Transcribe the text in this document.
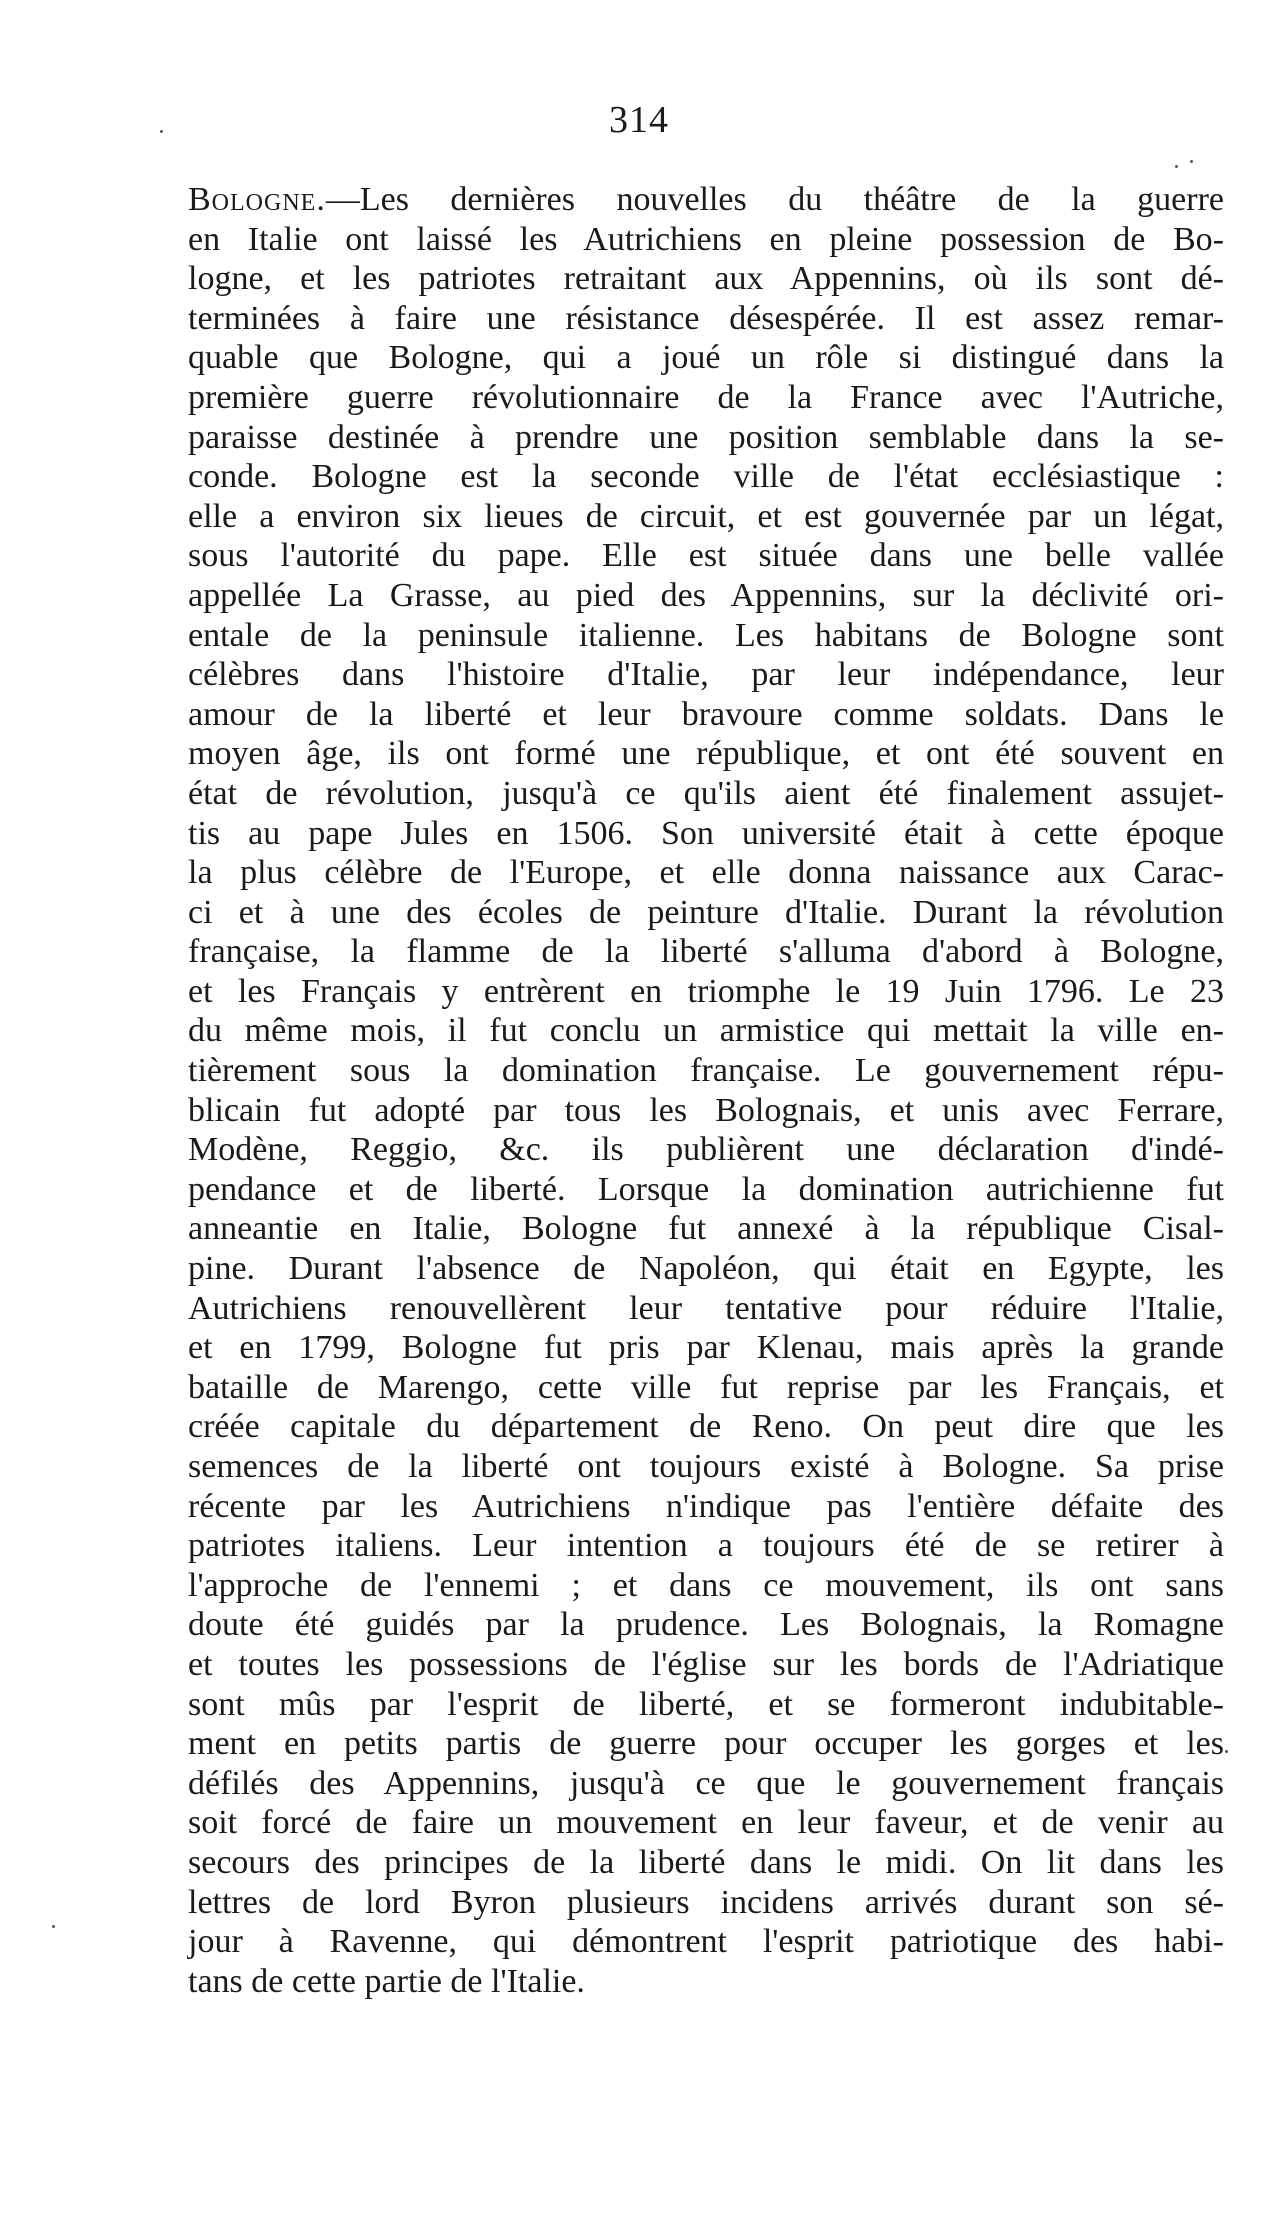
314
Bologne.—Les dernières nouvelles du théâtre de la guerre
en Italie ont laissé les Autrichiens en pleine possession de Bo-
logne, et les patriotes retraitant aux Appennins, où ils sont dé-
terminées à faire une résistance désespérée. Il est assez remar-
quable que Bologne, qui a joué un rôle si distingué dans la
première guerre révolutionnaire de la France avec l'Autriche,
paraisse destinée à prendre une position semblable dans la se-
conde. Bologne est la seconde ville de l'état ecclésiastique :
elle a environ six lieues de circuit, et est gouvernée par un légat,
sous l'autorité du pape. Elle est située dans une belle vallée
appellée La Grasse, au pied des Appennins, sur la déclivité ori-
entale de la peninsule italienne. Les habitans de Bologne sont
célèbres dans l'histoire d'Italie, par leur indépendance, leur
amour de la liberté et leur bravoure comme soldats. Dans le
moyen âge, ils ont formé une république, et ont été souvent en
état de révolution, jusqu'à ce qu'ils aient été finalement assujet-
tis au pape Jules en 1506. Son université était à cette époque
la plus célèbre de l'Europe, et elle donna naissance aux Carac-
ci et à une des écoles de peinture d'Italie. Durant la révolution
française, la flamme de la liberté s'alluma d'abord à Bologne,
et les Français y entrèrent en triomphe le 19 Juin 1796. Le 23
du même mois, il fut conclu un armistice qui mettait la ville en-
tièrement sous la domination française. Le gouvernement répu-
blicain fut adopté par tous les Bolognais, et unis avec Ferrare,
Modène, Reggio, &c. ils publièrent une déclaration d'indé-
pendance et de liberté. Lorsque la domination autrichienne fut
anneantie en Italie, Bologne fut annexé à la république Cisal-
pine. Durant l'absence de Napoléon, qui était en Egypte, les
Autrichiens renouvellèrent leur tentative pour réduire l'Italie,
et en 1799, Bologne fut pris par Klenau, mais après la grande
bataille de Marengo, cette ville fut reprise par les Français, et
créée capitale du département de Reno. On peut dire que les
semences de la liberté ont toujours existé à Bologne. Sa prise
récente par les Autrichiens n'indique pas l'entière défaite des
patriotes italiens. Leur intention a toujours été de se retirer à
l'approche de l'ennemi ; et dans ce mouvement, ils ont sans
doute été guidés par la prudence. Les Bolognais, la Romagne
et toutes les possessions de l'église sur les bords de l'Adriatique
sont mûs par l'esprit de liberté, et se formeront indubitable-
ment en petits partis de guerre pour occuper les gorges et les
défilés des Appennins, jusqu'à ce que le gouvernement français
soit forcé de faire un mouvement en leur faveur, et de venir au
secours des principes de la liberté dans le midi. On lit dans les
lettres de lord Byron plusieurs incidens arrivés durant son sé-
jour à Ravenne, qui démontrent l'esprit patriotique des habi-
tans de cette partie de l'Italie.
